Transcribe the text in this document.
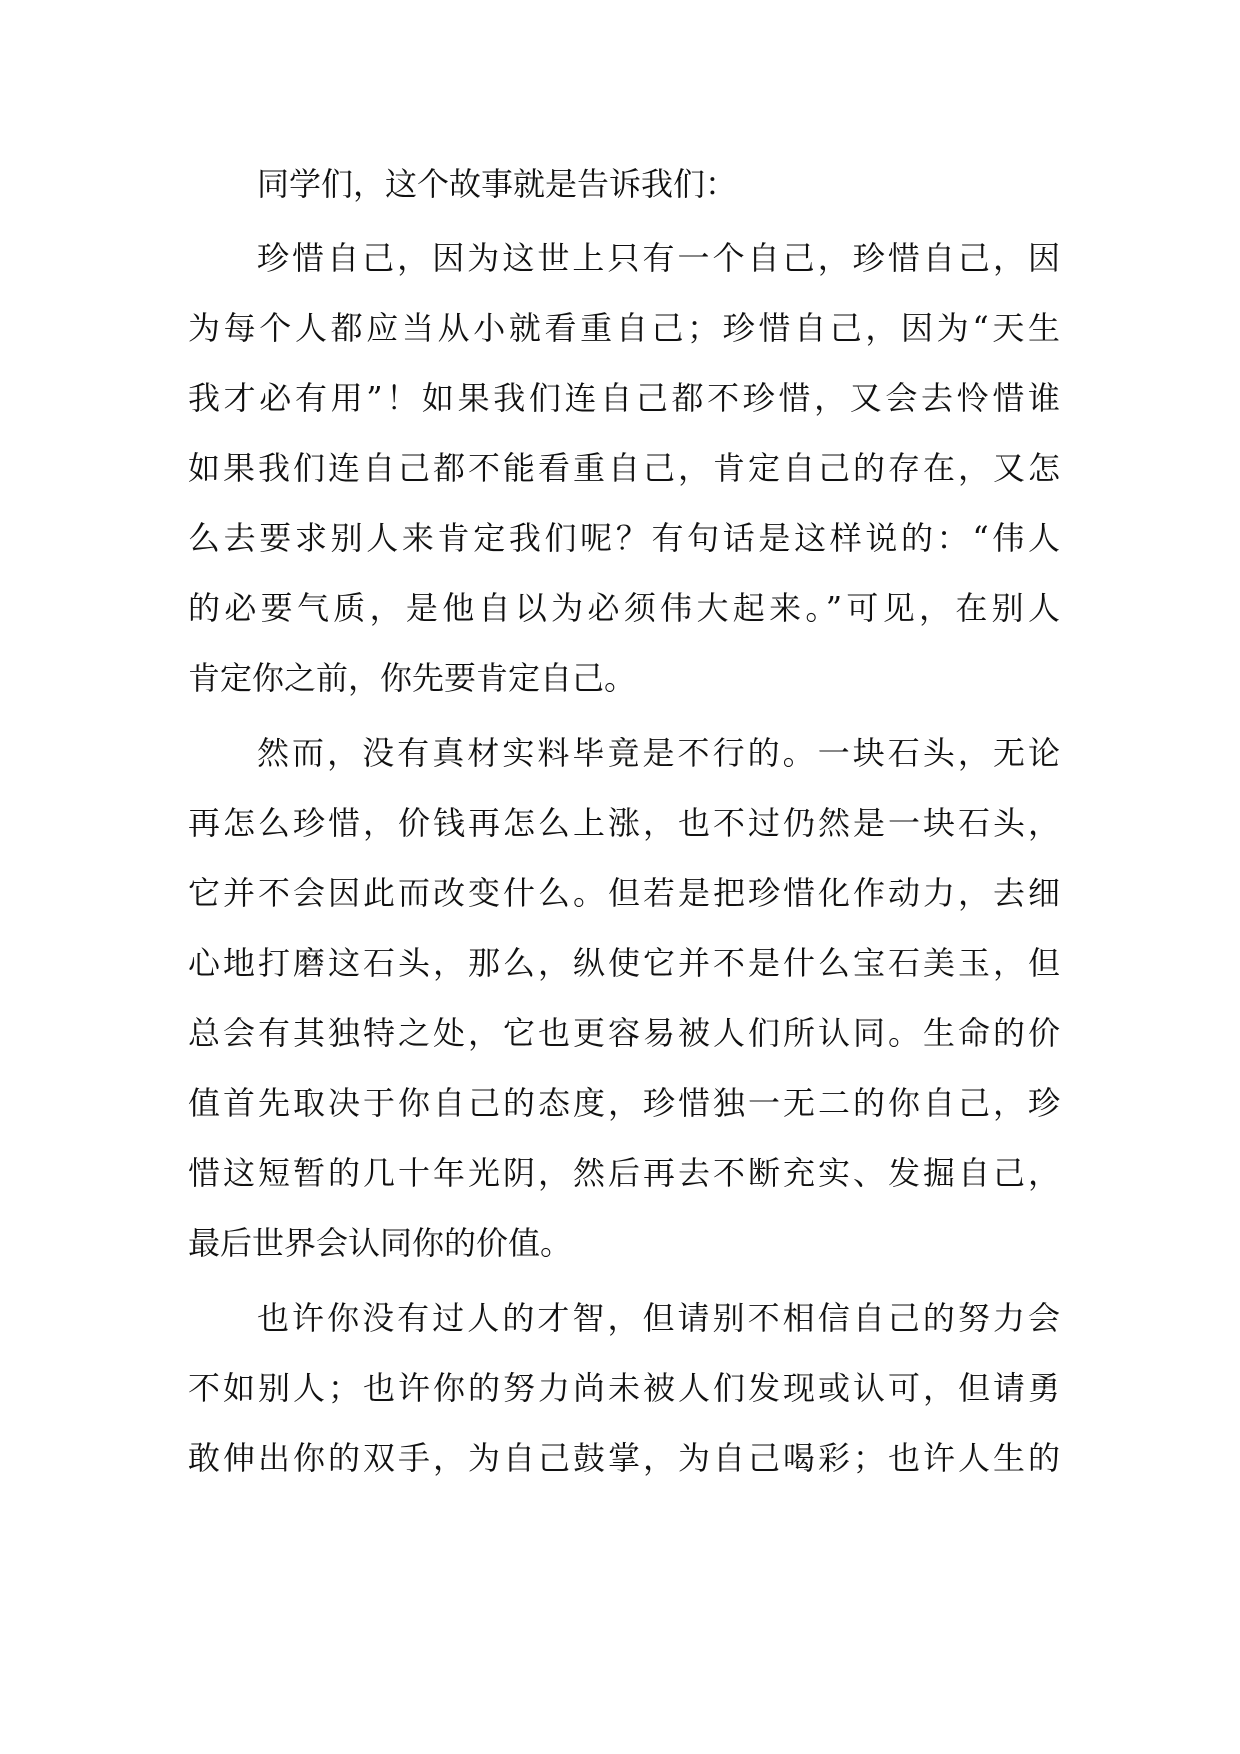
同学们，这个故事就是告诉我们：
珍惜自己，因为这世上只有一个自己，珍惜自己，因
为每个人都应当从小就看重自己；珍惜自己，因为“天生
我才必有用”！如果我们连自己都不珍惜，又会去怜惜谁
如果我们连自己都不能看重自己，肯定自己的存在，又怎
么去要求别人来肯定我们呢？有句话是这样说的：“伟人
的必要气质，是他自以为必须伟大起来。”可见，在别人
肯定你之前，你先要肯定自己。
然而，没有真材实料毕竟是不行的。一块石头，无论
再怎么珍惜，价钱再怎么上涨，也不过仍然是一块石头，
它并不会因此而改变什么。但若是把珍惜化作动力，去细
心地打磨这石头，那么，纵使它并不是什么宝石美玉，但
总会有其独特之处，它也更容易被人们所认同。生命的价
值首先取决于你自己的态度，珍惜独一无二的你自己，珍
惜这短暂的几十年光阴，然后再去不断充实、发掘自己，
最后世界会认同你的价值。
也许你没有过人的才智，但请别不相信自己的努力会
不如别人；也许你的努力尚未被人们发现或认可，但请勇
敢伸出你的双手，为自己鼓掌，为自己喝彩；也许人生的
